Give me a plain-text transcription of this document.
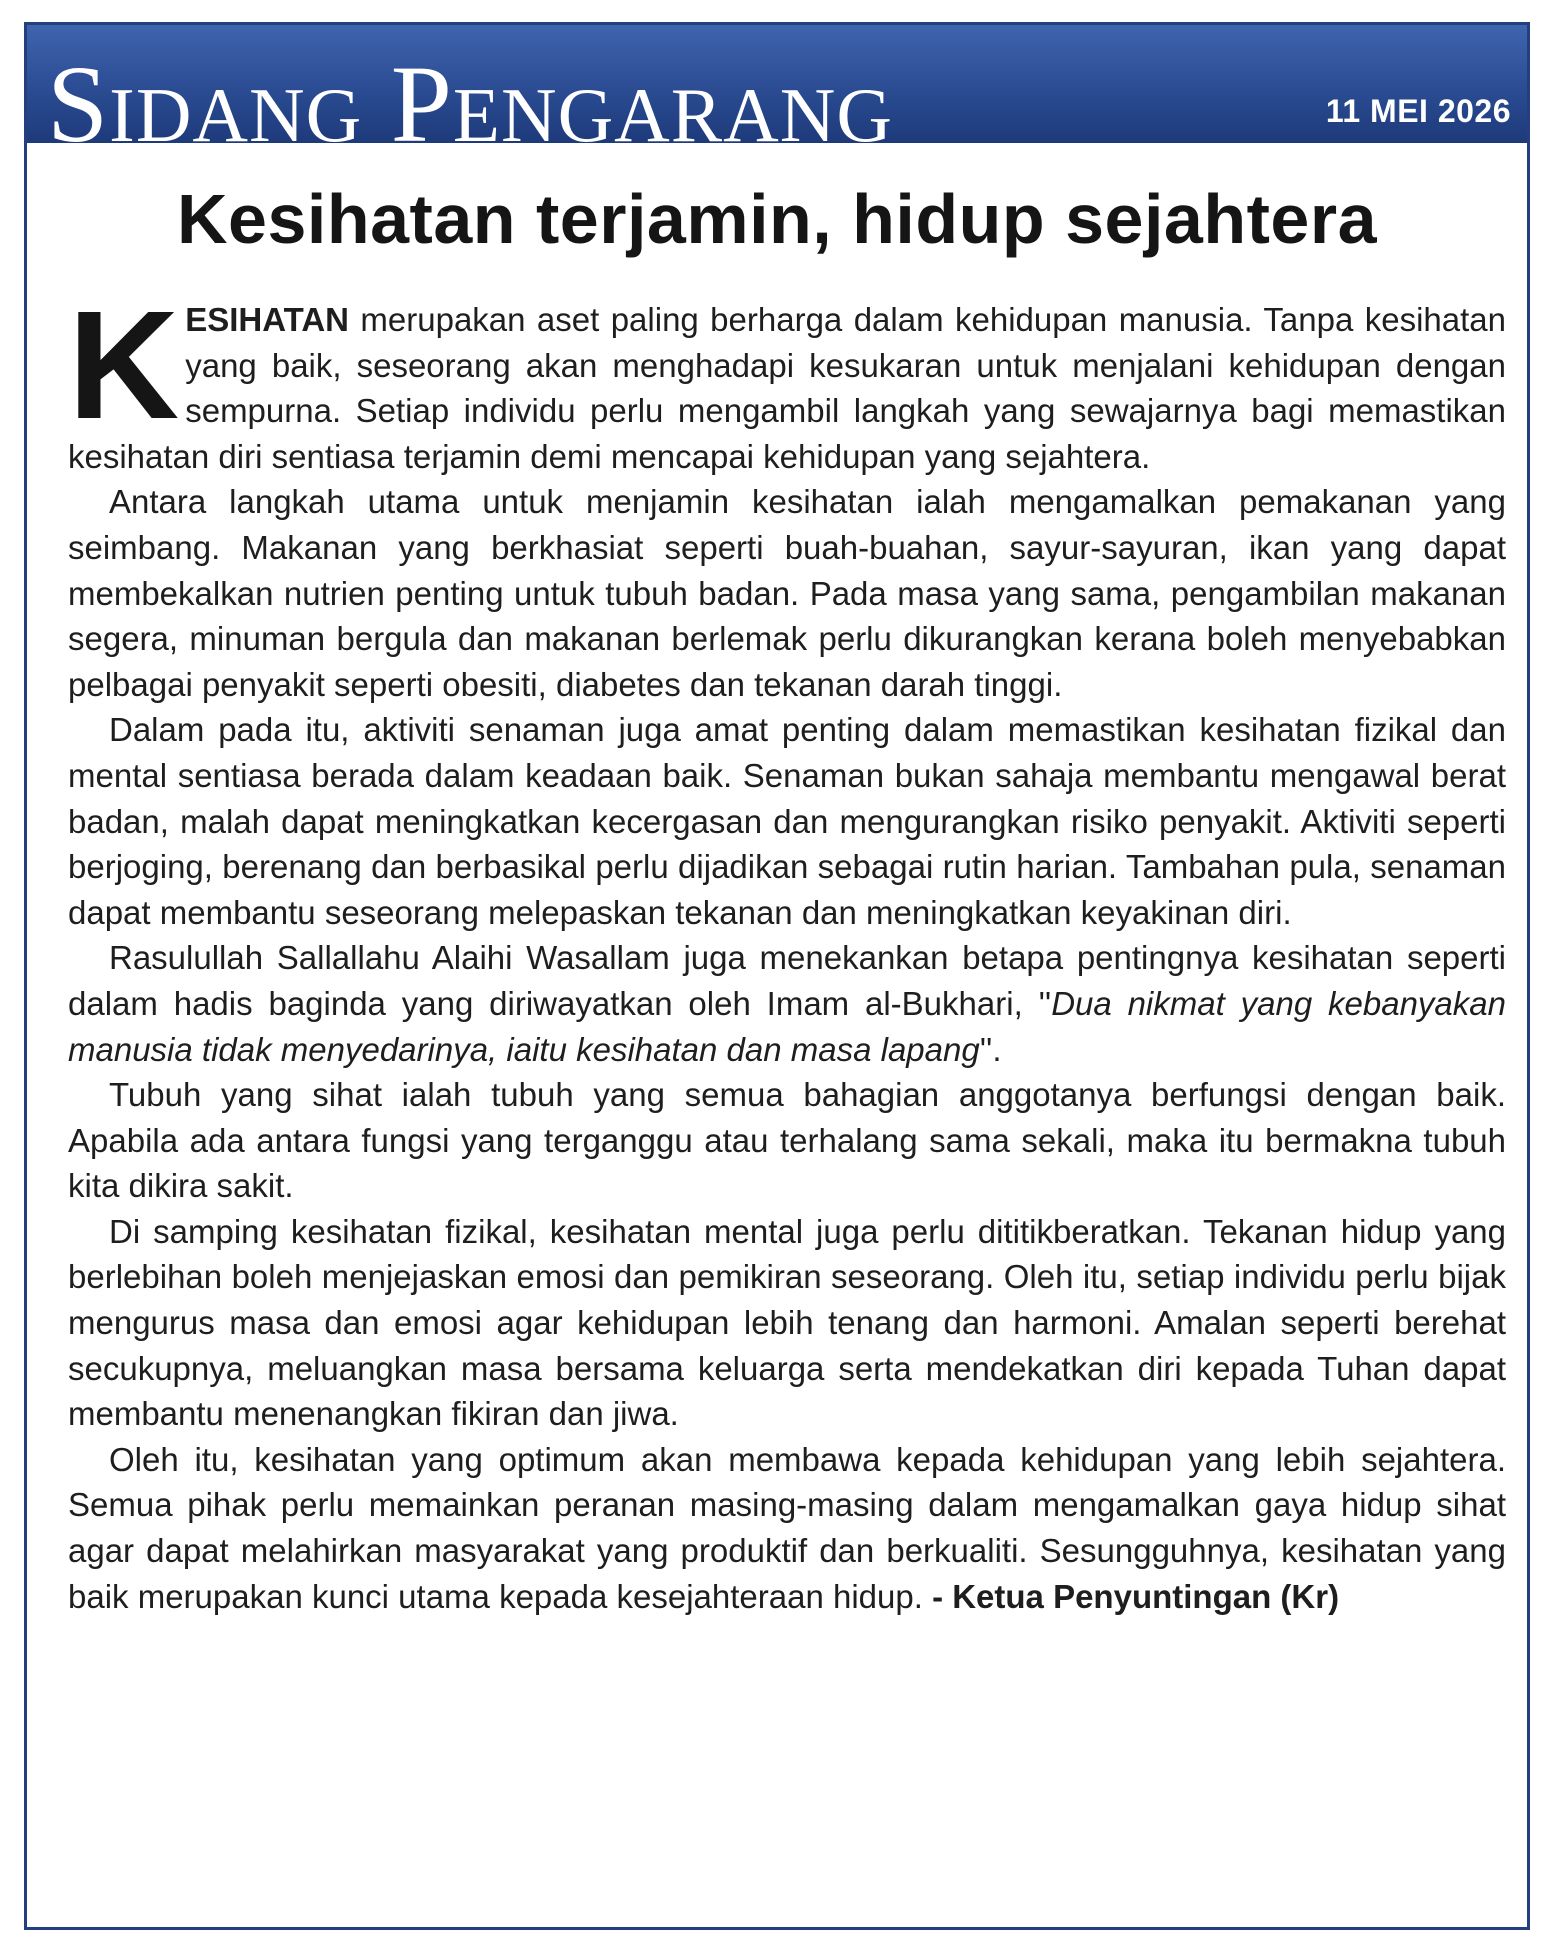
Sidang Pengarang	11 MEI 2026
Kesihatan terjamin, hidup sejahtera

KESIHATAN merupakan aset paling berharga dalam kehidupan manusia. Tanpa kesihatan yang baik, seseorang akan menghadapi kesukaran untuk menjalani kehidupan dengan sempurna. Setiap individu perlu mengambil langkah yang sewajarnya bagi memastikan kesihatan diri sentiasa terjamin demi mencapai kehidupan yang sejahtera.

Antara langkah utama untuk menjamin kesihatan ialah mengamalkan pemakanan yang seimbang. Makanan yang berkhasiat seperti buah-buahan, sayur-sayuran, ikan yang dapat membekalkan nutrien penting untuk tubuh badan. Pada masa yang sama, pengambilan makanan segera, minuman bergula dan makanan berlemak perlu dikurangkan kerana boleh menyebabkan pelbagai penyakit seperti obesiti, diabetes dan tekanan darah tinggi.

Dalam pada itu, aktiviti senaman juga amat penting dalam memastikan kesihatan fizikal dan mental sentiasa berada dalam keadaan baik. Senaman bukan sahaja membantu mengawal berat badan, malah dapat meningkatkan kecergasan dan mengurangkan risiko penyakit. Aktiviti seperti berjoging, berenang dan berbasikal perlu dijadikan sebagai rutin harian. Tambahan pula, senaman dapat membantu seseorang melepaskan tekanan dan meningkatkan keyakinan diri.

Rasulullah Sallallahu Alaihi Wasallam juga menekankan betapa pentingnya kesihatan seperti dalam hadis baginda yang diriwayatkan oleh Imam al-Bukhari, ''Dua nikmat yang kebanyakan manusia tidak menyedarinya, iaitu kesihatan dan masa lapang''.

Tubuh yang sihat ialah tubuh yang semua bahagian anggotanya berfungsi dengan baik. Apabila ada antara fungsi yang terganggu atau terhalang sama sekali, maka itu bermakna tubuh kita dikira sakit.

Di samping kesihatan fizikal, kesihatan mental juga perlu dititikberatkan. Tekanan hidup yang berlebihan boleh menjejaskan emosi dan pemikiran seseorang. Oleh itu, setiap individu perlu bijak mengurus masa dan emosi agar kehidupan lebih tenang dan harmoni. Amalan seperti berehat secukupnya, meluangkan masa bersama keluarga serta mendekatkan diri kepada Tuhan dapat membantu menenangkan fikiran dan jiwa.

Oleh itu, kesihatan yang optimum akan membawa kepada kehidupan yang lebih sejahtera. Semua pihak perlu memainkan peranan masing-masing dalam mengamalkan gaya hidup sihat agar dapat melahirkan masyarakat yang produktif dan berkualiti. Sesungguhnya, kesihatan yang baik merupakan kunci utama kepada kesejahteraan hidup. - Ketua Penyuntingan (Kr)
